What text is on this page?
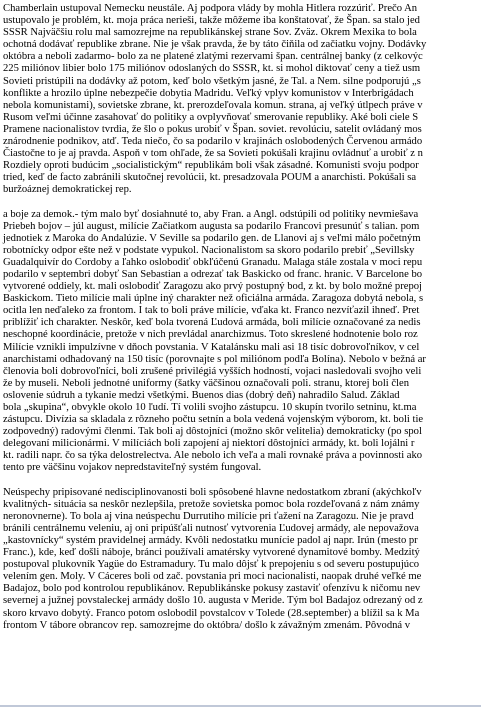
Chamberlain ustupoval Nemecku neustále. Aj podpora vlády by mohla Hitlera rozzúriť. Prečo An
ustupovalo je problém, kt. moja práca nerieši, takže môžeme iba konštatovať, že Špan. sa stalo jed
SSSR Najväčšiu rolu mal samozrejme na republikánskej strane Sov. Zväz. Okrem Mexika to bola
ochotná dodávať republike zbrane. Nie je však pravda, že by táto čiňila od začiatku vojny. Dodávky
októbra a neboli zadarmo- bolo za ne platené zlatými rezervami špan. centrálnej banky (z celkovýc
225 miliónov libier bolo 175 miliónov odoslaných do SSSR, kt. si mohol diktovať ceny a tiež usm
Sovieti pristúpili na dodávky až potom, keď bolo všetkým jasné, že Tal. a Nem. silne podporujú „s
konflikte a hrozilo úplne nebezpečie dobytia Madridu. Veľký vplyv komunistov v Interbrigádach
nebola komunistami), sovietske zbrane, kt. prerozdeľovala komun. strana, aj veľký útlpech práve v
Rusom veľmi účinne zasahovať do politiky a ovplyvňovať smerovanie republiky. Aké boli ciele S
Pramene nacionalistov tvrdia, že šlo o pokus urobiť v Špan. soviet. revolúciu, satelit ovládaný mos
znárodnenie podnikov, atď. Teda niečo, čo sa podarilo v krajinách oslobodených Červenou armádo
Čiastočne to je aj pravda. Aspoň v tom ohľade, že sa Sovieti pokúšali krajinu ovládnuť a urobiť z n
Rozdiely oproti budúcim „socialistickým“ republikám boli však zásadné. Komunisti svoju podpor
tried, keď de facto zabránili skutočnej revolúcii, kt. presadzovala POUM a anarchisti. Pokúšali sa
buržoáznej demokratickej rep.
a boje za demok.- tým malo byť dosiahnuté to, aby Fran. a Angl. odstúpili od politiky nevmiešava
Priebeh bojov – júl august, milície Začiatkom augusta sa podarilo Francovi presunúť s talian. pom
jednotiek z Maroka do Andalúzie. V Seville sa podarilo gen. de Llanovi aj s veľmi málo početným
robotnícky odpor ešte než v podstate vypukol. Nacionalistom sa skoro podarilo prebiť „Sevillsky
Guadalquivír do Cordoby a ľahko oslobodiť obkľúčenú Granadu. Malaga stále zostala v moci repu
podarilo v septembri dobyť San Sebastian a odrezať tak Baskicko od franc. hranic. V Barcelone bo
vytvorené oddiely, kt. mali oslobodiť Zaragozu ako prvý postupný bod, z kt. by bolo možné prepoj
Baskickom. Tieto milície mali úplne iný charakter než oficiálna armáda. Zaragoza dobytá nebola, s
ocitla len neďaleko za frontom. I tak to boli práve milície, vďaka kt. Franco nezvíťazil ihneď. Pret
priblížiť ich charakter. Neskôr, keď bola tvorená Ľudová armáda, boli milície označované za nedis
neschopné koordinácie, pretože v nich prevládal anarchizmus. Toto skreslené hodnotenie bolo roz
Milície vznikli impulzívne v dňoch povstania. V Katalánsku mali asi 18 tisíc dobrovoľníkov, v cel
anarchistami odhadovaný na 150 tisíc (porovnajte s pol miliónom podľa Bolína). Nebolo v bežná ar
členovia boli dobrovoľníci, boli zrušené privilégiá vyšších hodností, vojaci nasledovali svojho veli
že by museli. Neboli jednotné uniformy (šatky väčšinou označovali poli. stranu, ktorej boli člen
oslovenie súdruh a tykanie medzi všetkými. Buenos dias (dobrý deň) nahradilo Salud. Základ
bola „skupina“, obvykle okolo 10 ľudí. Tí volili svojho zástupcu. 10 skupín tvorilo setninu, kt.ma
zástupcu. Divízia sa skladala z rôzneho počtu setnín a bola vedená vojenským výborom, kt. boli tie
zodpovedný) radovými členmi. Tak boli aj dôstojníci (možno skôr velitelia) demokraticky (po spol
delegovaní milicionármi. V milíciách boli zapojení aj niektorí dôstojníci armády, kt. boli lojálni r
kt. radili napr. čo sa týka delostrelectva. Ale nebolo ich veľa a mali rovnaké práva a povinnosti ako
tento pre väčšinu vojakov nepredstaviteľný systém fungoval.
Neúspechy pripisované nedisciplinovanosti boli spôsobené hlavne nedostatkom zbraní (akýchkoľv
kvalitných- situácia sa neskôr nezlepšila, pretože sovietska pomoc bola rozdeľovaná z nám známy
neronovnerne). To bola aj vina neúspechu Durrutiho milície pri ťažení na Zaragozu. Nie je pravd
bránili centrálnemu veleniu, aj oni pripúšťali nutnosť vytvorenia Ľudovej armády, ale nepovažova
„kastovnícky“ systém pravidelnej armády. Kvôli nedostatku munície padol aj napr. Irún (mesto pr
Franc.), kde, keď došli náboje, bránci používali amatérsky vytvorené dynamitové bomby. Medzitý
postupoval plukovník Yagüe do Estramadury. Tu malo dôjsť k prepojeniu s od severu postupujúco
velením gen. Moly. V Cáceres boli od zač. povstania pri moci nacionalisti, naopak druhé veľké me
Badajoz, bolo pod kontrolou republikánov. Republikánske pokusy zastaviť ofenzívu k ničomu nev
severnej a južnej povstaleckej armády došlo 10. augusta v Meride. Tým bol Badajoz odrezaný od z
skoro krvavo dobytý. Franco potom oslobodil povstalcov v Tolede (28.september) a blížil sa k Ma
frontom V tábore obrancov rep. samozrejme do októbra/ došlo k závažným zmenám. Pôvodná v
